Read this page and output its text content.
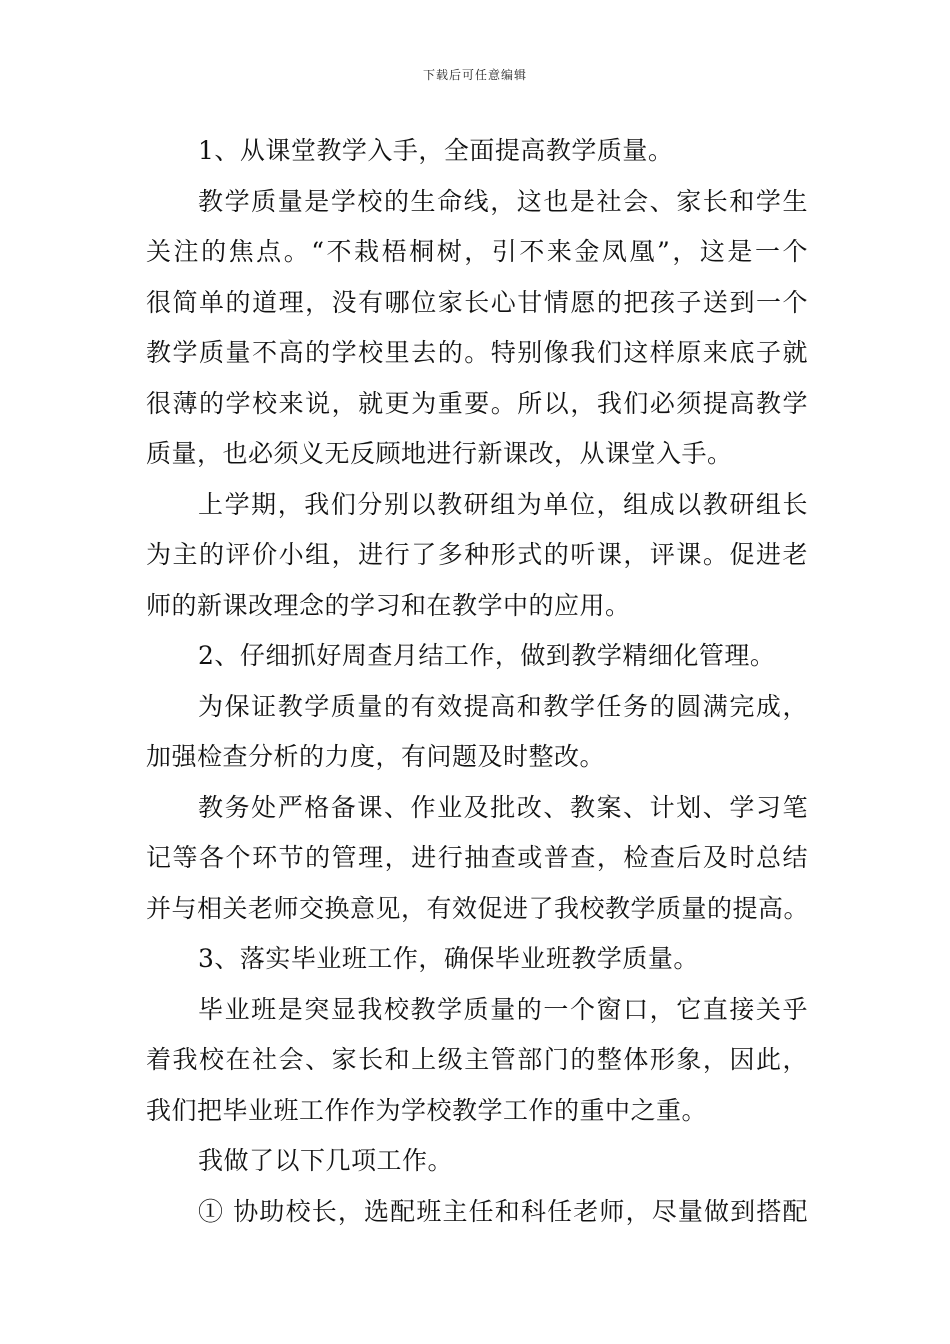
下载后可任意编辑
1、从课堂教学入手，全面提高教学质量。
教学质量是学校的生命线，这也是社会、家长和学生
关注的焦点。“不栽梧桐树，引不来金凤凰”，这是一个
很简单的道理，没有哪位家长心甘情愿的把孩子送到一个
教学质量不高的学校里去的。特别像我们这样原来底子就
很薄的学校来说，就更为重要。所以，我们必须提高教学
质量，也必须义无反顾地进行新课改，从课堂入手。
上学期，我们分别以教研组为单位，组成以教研组长
为主的评价小组，进行了多种形式的听课，评课。促进老
师的新课改理念的学习和在教学中的应用。
2、仔细抓好周查月结工作，做到教学精细化管理。
为保证教学质量的有效提高和教学任务的圆满完成，
加强检查分析的力度，有问题及时整改。
教务处严格备课、作业及批改、教案、计划、学习笔
记等各个环节的管理，进行抽查或普查，检查后及时总结
并与相关老师交换意见，有效促进了我校教学质量的提高。
3、落实毕业班工作，确保毕业班教学质量。
毕业班是突显我校教学质量的一个窗口，它直接关乎
着我校在社会、家长和上级主管部门的整体形象，因此，
我们把毕业班工作作为学校教学工作的重中之重。
我做了以下几项工作。
① 协助校长，选配班主任和科任老师，尽量做到搭配
